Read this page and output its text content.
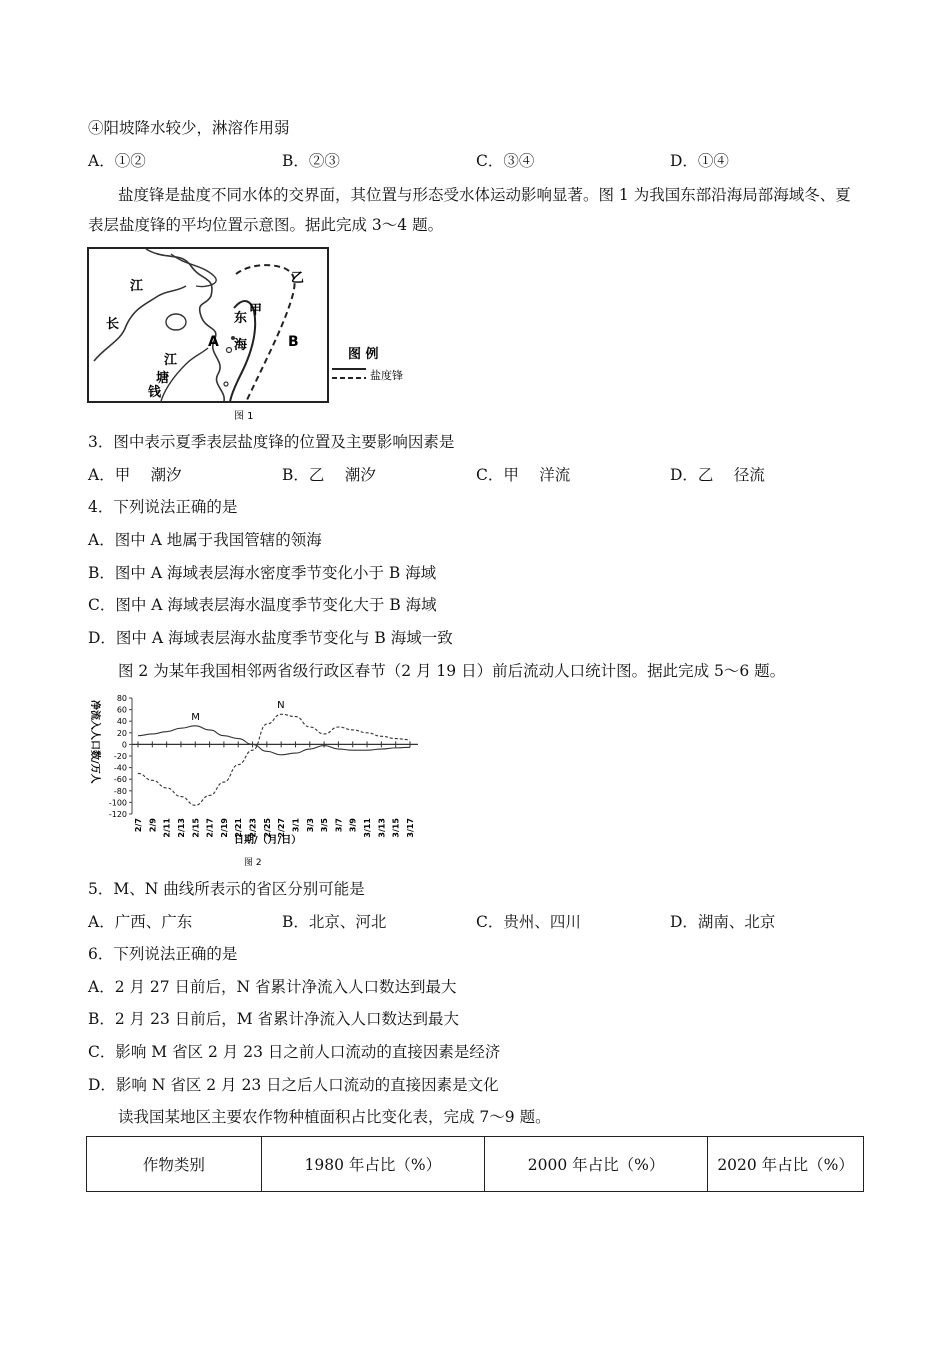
④阳坡降水较少，淋溶作用弱
A．①②	B．②③	C．③④	D．①④
盐度锋是盐度不同水体的交界面，其位置与形态受水体运动影响显著。图 1 为我国东部沿海局部海域冬、夏表层盐度锋的平均位置示意图。据此完成 3～4 题。
江
长
江
塘
钱
东
海
甲
乙
A	B
图 例
盐度锋
图 1
3．图中表示夏季表层盐度锋的位置及主要影响因素是
A．甲　 潮汐	B．乙　 潮汐	C．甲　 洋流	D．乙　 径流
4．下列说法正确的是
A．图中 A 地属于我国管辖的领海
B．图中 A 海域表层海水密度季节变化小于 B 海域
C．图中 A 海域表层海水温度季节变化大于 B 海域
D．图中 A 海域表层海水盐度季节变化与 B 海域一致
图 2 为某年我国相邻两省级行政区春节（2 月 19 日）前后流动人口统计图。据此完成 5～6 题。
80
60
40
20
0
-20
-40
-60
-80
-100
-120
2/7 2/9 2/11 2/13 2/15 2/17 2/19 2/21 2/23 2/25 2/27 3/1 3/3 3/5 3/7 3/9 3/11 3/13 3/15 3/17
M
N
净流入人口数/万人
日期/（月/日）
图 2
5．M、N 曲线所表示的省区分别可能是
A．广西、广东	B．北京、河北	C．贵州、四川	D．湖南、北京
6．下列说法正确的是
A．2 月 27 日前后，N 省累计净流入人口数达到最大
B．2 月 23 日前后，M 省累计净流入人口数达到最大
C．影响 M 省区 2 月 23 日之前人口流动的直接因素是经济
D．影响 N 省区 2 月 23 日之后人口流动的直接因素是文化
读我国某地区主要农作物种植面积占比变化表，完成 7～9 题。
作物类别	1980 年占比（%）	2000 年占比（%）	2020 年占比（%）
